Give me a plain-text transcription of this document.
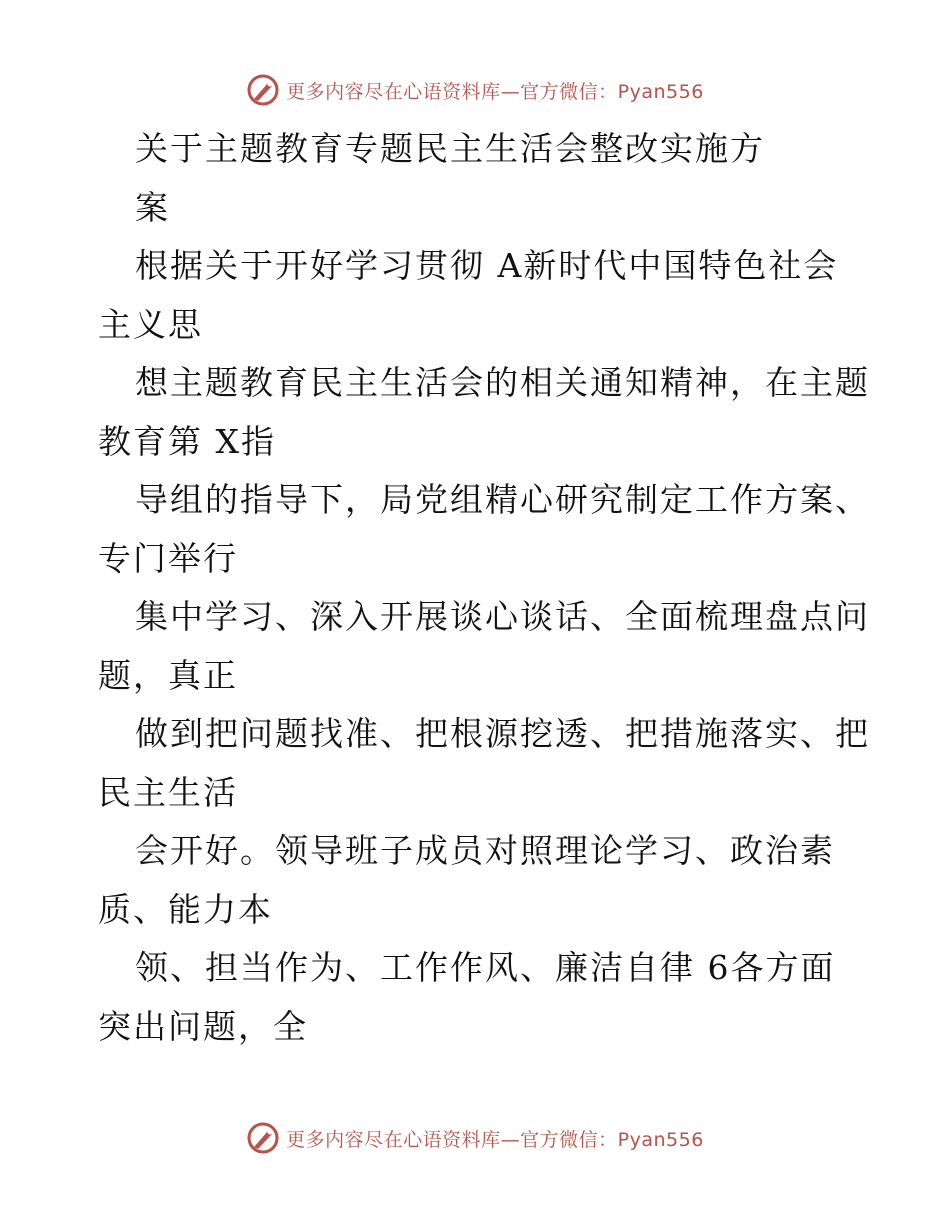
更多内容尽在心语资料库—官方微信：Pyan556
关于主题教育专题民主生活会整改实施方
案
根据关于开好学习贯彻 A新时代中国特色社会
主义思
想主题教育民主生活会的相关通知精神，在主题
教育第 X指
导组的指导下，局党组精心研究制定工作方案、
专门举行
集中学习、深入开展谈心谈话、全面梳理盘点问
题，真正
做到把问题找准、把根源挖透、把措施落实、把
民主生活
会开好。领导班子成员对照理论学习、政治素
质、能力本
领、担当作为、工作作风、廉洁自律 6各方面
突出问题，全
更多内容尽在心语资料库—官方微信：Pyan556
